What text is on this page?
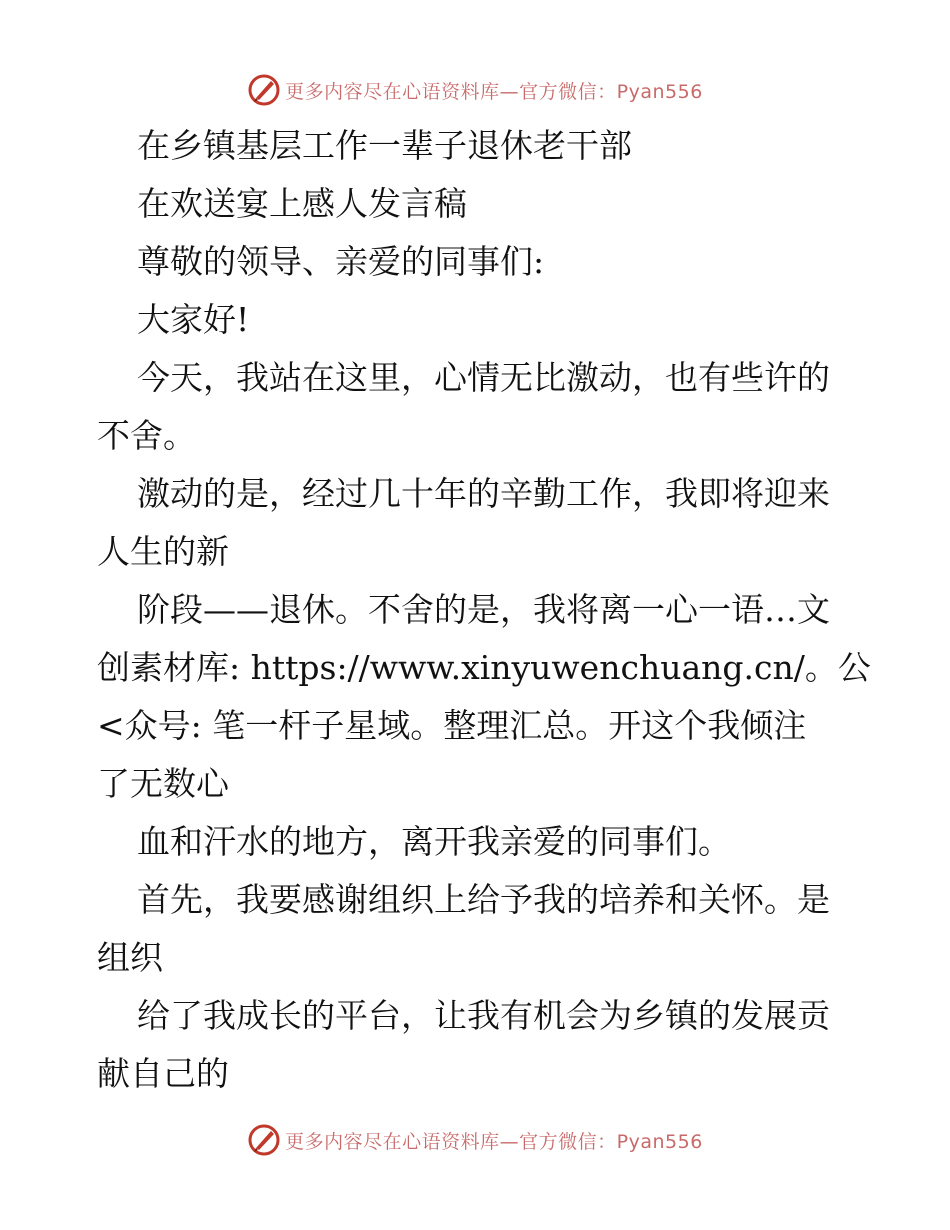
更多内容尽在心语资料库—官方微信：Pyan556
在乡镇基层工作一辈子退休老干部
在欢送宴上感人发言稿
尊敬的领导、亲爱的同事们:
大家好!
今天，我站在这里，心情无比激动，也有些许的
不舍。
激动的是，经过几十年的辛勤工作，我即将迎来
人生的新
阶段——退休。不舍的是，我将离一心一语…文
创素材库: https://www.xinyuwenchuang.cn/。公
<众号: 笔一杆子星域。整理汇总。开这个我倾注
了无数心
血和汗水的地方，离开我亲爱的同事们。
首先，我要感谢组织上给予我的培养和关怀。是
组织
给了我成长的平台，让我有机会为乡镇的发展贡
献自己的
更多内容尽在心语资料库—官方微信：Pyan556
